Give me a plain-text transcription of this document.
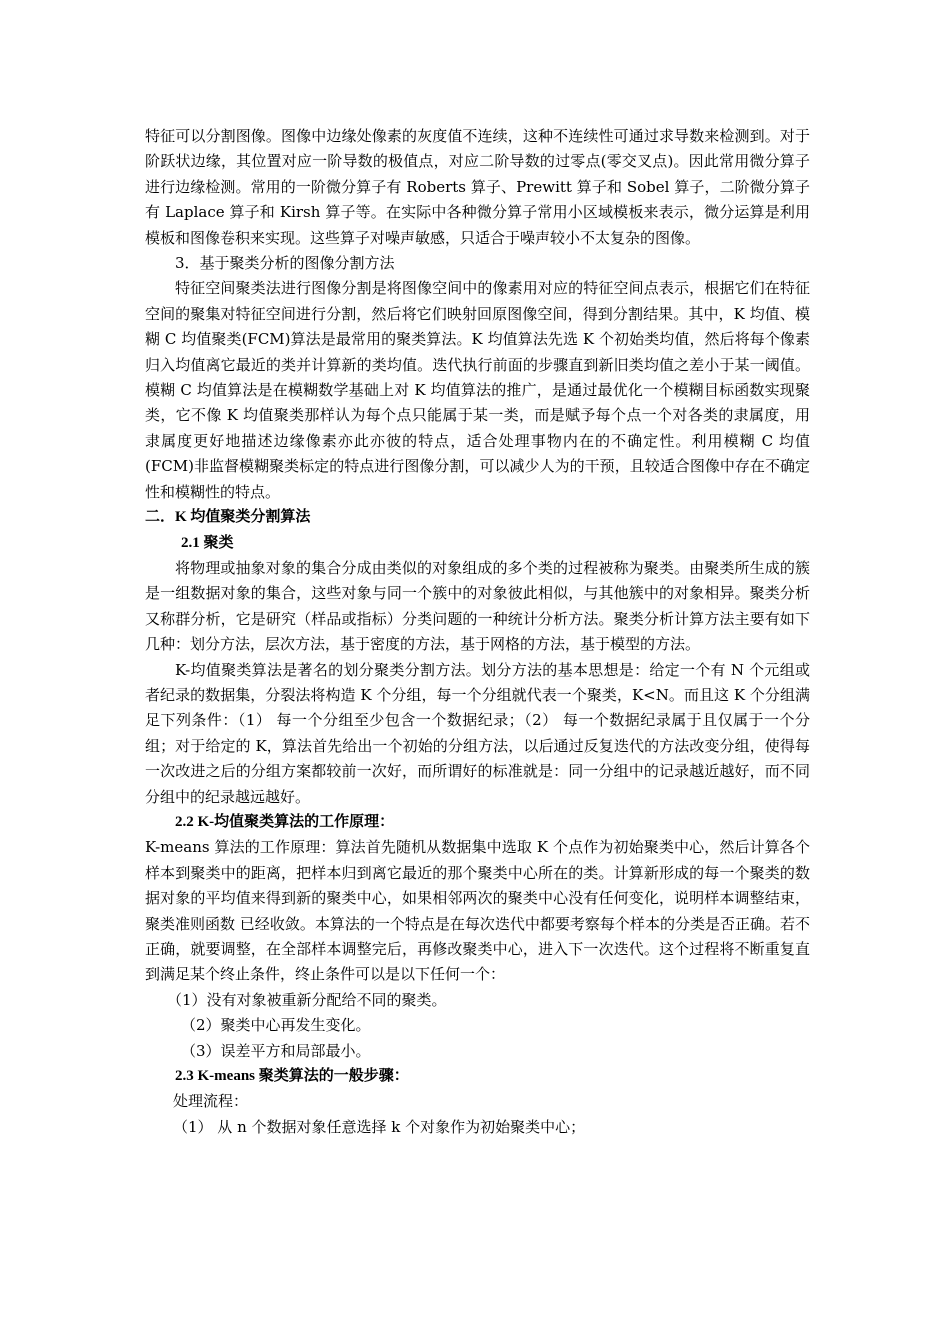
特征可以分割图像。图像中边缘处像素的灰度值不连续，这种不连续性可通过求导数来检测到。对于阶跃状边缘，其位置对应一阶导数的极值点，对应二阶导数的过零点(零交叉点)。因此常用微分算子进行边缘检测。常用的一阶微分算子有 Roberts 算子、Prewitt 算子和 Sobel 算子，二阶微分算子有 Laplace 算子和 Kirsh 算子等。在实际中各种微分算子常用小区域模板来表示，微分运算是利用模板和图像卷积来实现。这些算子对噪声敏感，只适合于噪声较小不太复杂的图像。

3．基于聚类分析的图像分割方法

特征空间聚类法进行图像分割是将图像空间中的像素用对应的特征空间点表示，根据它们在特征空间的聚集对特征空间进行分割，然后将它们映射回原图像空间，得到分割结果。其中，K 均值、模糊 C 均值聚类(FCM)算法是最常用的聚类算法。K 均值算法先选 K 个初始类均值，然后将每个像素归入均值离它最近的类并计算新的类均值。迭代执行前面的步骤直到新旧类均值之差小于某一阈值。模糊 C 均值算法是在模糊数学基础上对 K 均值算法的推广，是通过最优化一个模糊目标函数实现聚类，它不像 K 均值聚类那样认为每个点只能属于某一类，而是赋予每个点一个对各类的隶属度，用隶属度更好地描述边缘像素亦此亦彼的特点，适合处理事物内在的不确定性。利用模糊 C 均值(FCM)非监督模糊聚类标定的特点进行图像分割，可以减少人为的干预，且较适合图像中存在不确定性和模糊性的特点。

二．K 均值聚类分割算法

2.1 聚类

将物理或抽象对象的集合分成由类似的对象组成的多个类的过程被称为聚类。由聚类所生成的簇是一组数据对象的集合，这些对象与同一个簇中的对象彼此相似，与其他簇中的对象相异。聚类分析又称群分析，它是研究（样品或指标）分类问题的一种统计分析方法。聚类分析计算方法主要有如下几种：划分方法，层次方法，基于密度的方法，基于网格的方法，基于模型的方法。

K-均值聚类算法是著名的划分聚类分割方法。划分方法的基本思想是：给定一个有 N 个元组或者纪录的数据集，分裂法将构造 K 个分组，每一个分组就代表一个聚类，K<N。而且这 K 个分组满足下列条件：（1） 每一个分组至少包含一个数据纪录；（2） 每一个数据纪录属于且仅属于一个分组；对于给定的 K，算法首先给出一个初始的分组方法，以后通过反复迭代的方法改变分组，使得每一次改进之后的分组方案都较前一次好，而所谓好的标准就是：同一分组中的记录越近越好，而不同分组中的纪录越远越好。

2.2 K-均值聚类算法的工作原理：

K-means 算法的工作原理：算法首先随机从数据集中选取 K 个点作为初始聚类中心，然后计算各个样本到聚类中的距离，把样本归到离它最近的那个聚类中心所在的类。计算新形成的每一个聚类的数据对象的平均值来得到新的聚类中心，如果相邻两次的聚类中心没有任何变化，说明样本调整结束，聚类准则函数 已经收敛。本算法的一个特点是在每次迭代中都要考察每个样本的分类是否正确。若不正确，就要调整，在全部样本调整完后，再修改聚类中心，进入下一次迭代。这个过程将不断重复直到满足某个终止条件，终止条件可以是以下任何一个：

（1）没有对象被重新分配给不同的聚类。

（2）聚类中心再发生变化。

（3）误差平方和局部最小。

2.3 K-means 聚类算法的一般步骤：

处理流程：

（1） 从 n 个数据对象任意选择 k 个对象作为初始聚类中心；
